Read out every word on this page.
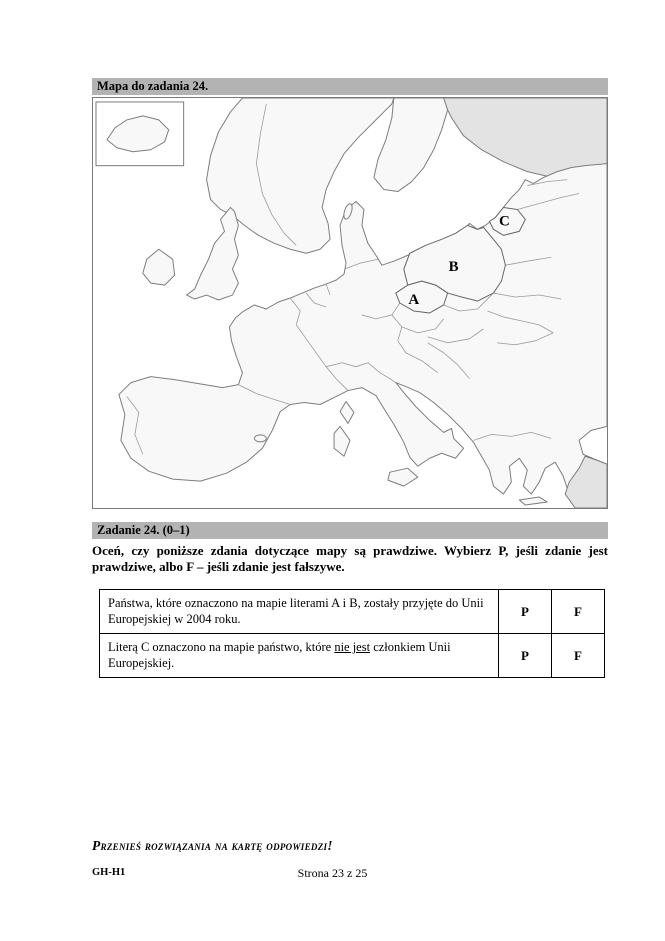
Mapa do zadania 24.
A
B
C
Zadanie 24. (0–1)
Oceń, czy poniższe zdania dotyczące mapy są prawdziwe. Wybierz P, jeśli zdanie jest prawdziwe, albo F – jeśli zdanie jest fałszywe.
Państwa, które oznaczono na mapie literami A i B, zostały przyjęte do Unii Europejskiej w 2004 roku.	P	F
Literą C oznaczono na mapie państwo, które nie jest członkiem Unii Europejskiej.	P	F
Przenieś rozwiązania na kartę odpowiedzi!
GH-H1	Strona 23 z 25
